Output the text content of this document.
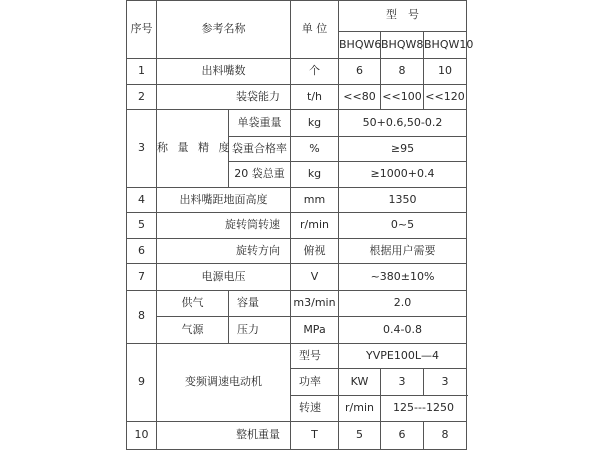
序号	参考名称		单 位	型　号		
				BHQW6	BHQW8	BHQW10
1	出料嘴数		个	6	8	10
2	装袋能力		t/h	<<80	<<100	<<120
3	称 量 精 度	单袋重量	kg	50+0.6,50-0.2		
		袋重合格率	%	≥95		
		20 袋总重	kg	≥1000+0.4		
4	出料嘴距地面高度		mm	1350		
5	旋转筒转速		r/min	0~5		
6	旋转方向		俯视	根据用户需要		
7	电源电压		V	~380±10%		
8	供气	容量	m3/min	2.0		
	气源	压力	MPa	0.4-0.8		
9	变频调速电动机		型号	YVPE100L—4		
			功率	KW	3	3
			转速	r/min	125---1250	
10	整机重量		T	5	6	8
